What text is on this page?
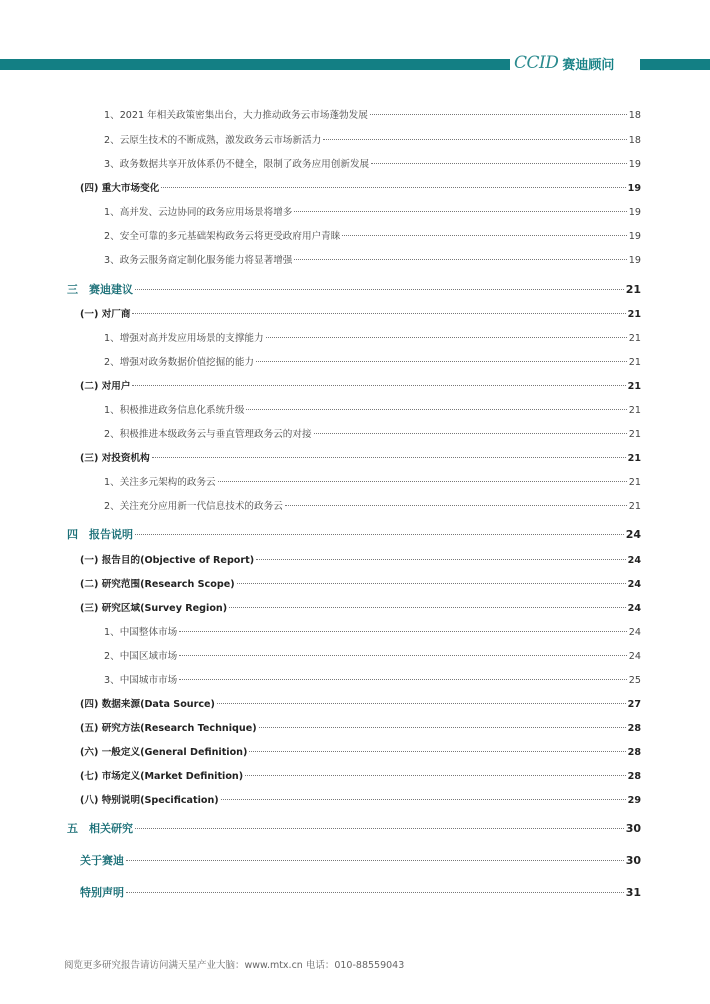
CCID 赛迪顾问
1、2021 年相关政策密集出台，大力推动政务云市场蓬勃发展	18
2、云原生技术的不断成熟，激发政务云市场新活力	18
3、政务数据共享开放体系仍不健全，限制了政务应用创新发展	19
(四) 重大市场变化	19
1、高并发、云边协同的政务应用场景将增多	19
2、安全可靠的多元基础架构政务云将更受政府用户青睐	19
3、政务云服务商定制化服务能力将显著增强	19
三　赛迪建议	21
(一) 对厂商	21
1、增强对高并发应用场景的支撑能力	21
2、增强对政务数据价值挖掘的能力	21
(二) 对用户	21
1、积极推进政务信息化系统升级	21
2、积极推进本级政务云与垂直管理政务云的对接	21
(三) 对投资机构	21
1、关注多元架构的政务云	21
2、关注充分应用新一代信息技术的政务云	21
四　报告说明	24
(一) 报告目的(Objective of Report)	24
(二) 研究范围(Research Scope)	24
(三) 研究区域(Survey Region)	24
1、中国整体市场	24
2、中国区域市场	24
3、中国城市市场	25
(四) 数据来源(Data Source)	27
(五) 研究方法(Research Technique)	28
(六) 一般定义(General Definition)	28
(七) 市场定义(Market Definition)	28
(八) 特别说明(Specification)	29
五　相关研究	30
关于赛迪	30
特别声明	31
阅览更多研究报告请访问满天星产业大脑：www.mtx.cn 电话：010-88559043
